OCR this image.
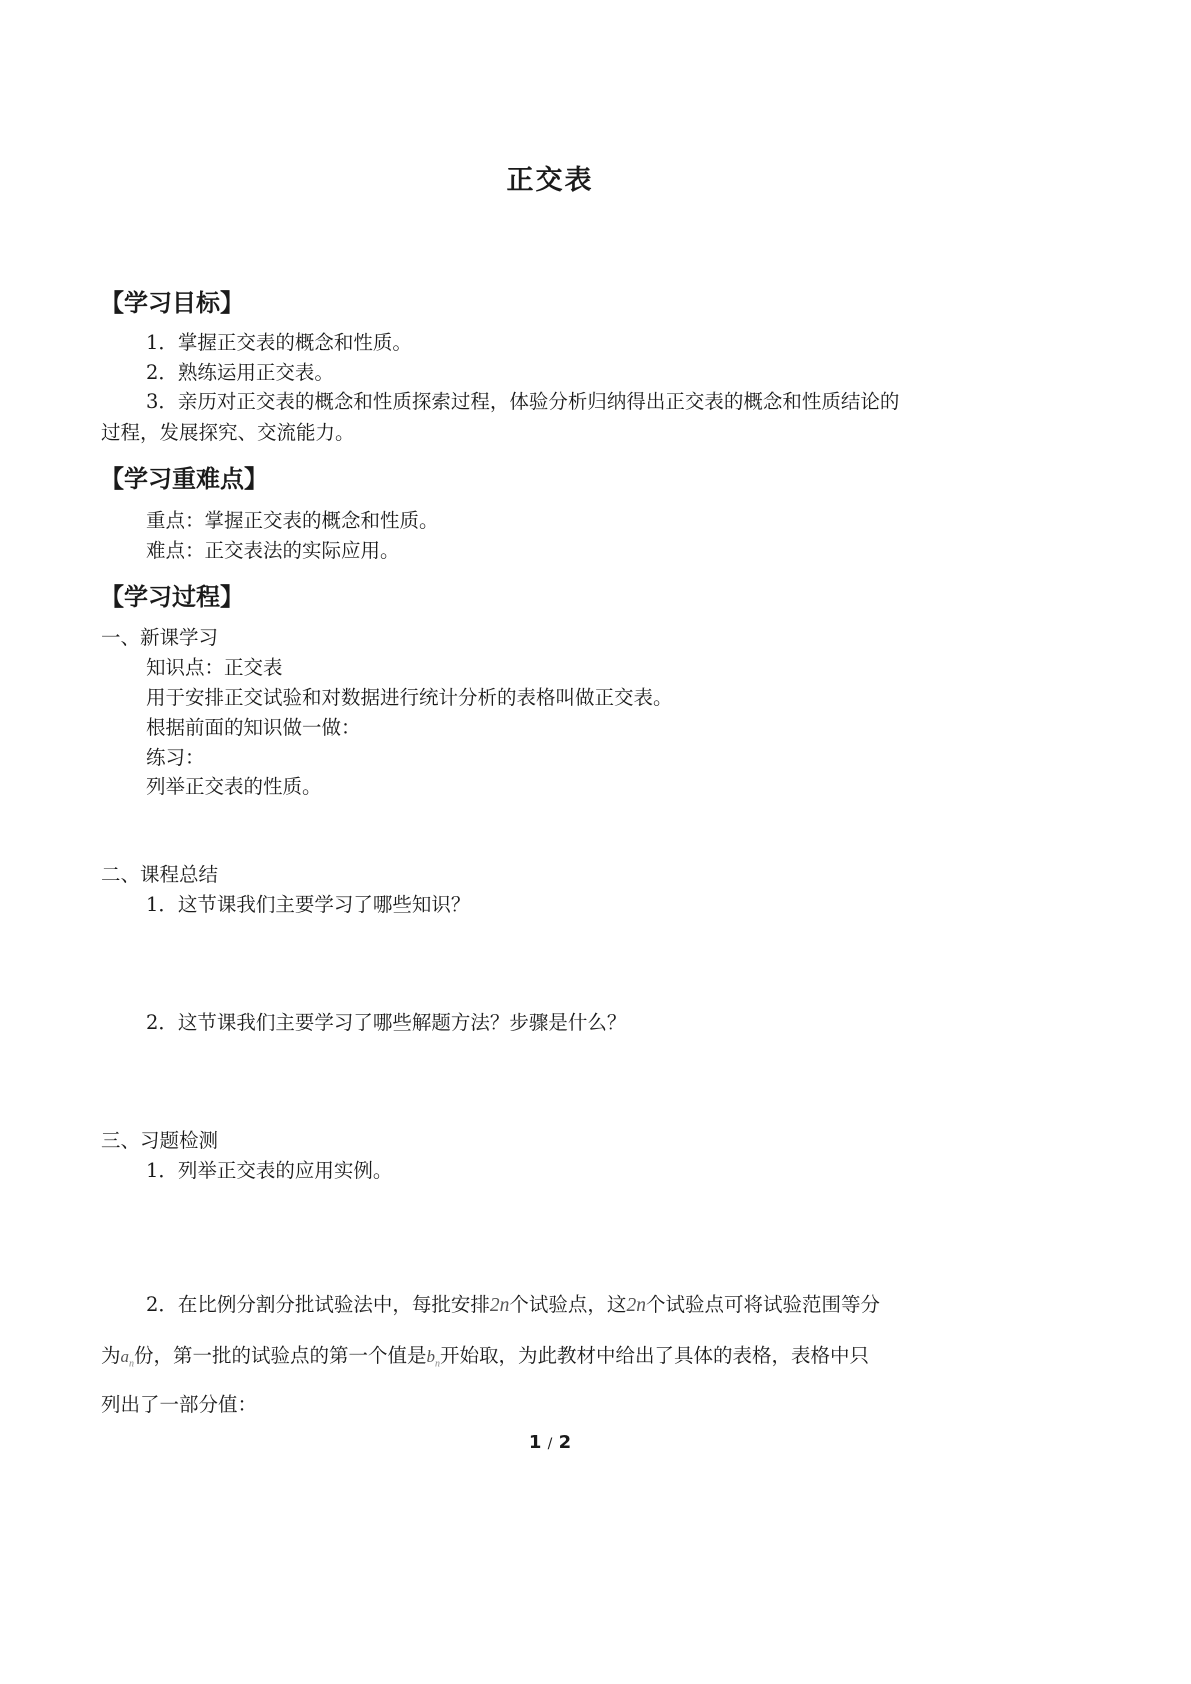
正交表
【学习目标】
1．掌握正交表的概念和性质。
2．熟练运用正交表。
3．亲历对正交表的概念和性质探索过程，体验分析归纳得出正交表的概念和性质结论的
过程，发展探究、交流能力。
【学习重难点】
重点：掌握正交表的概念和性质。
难点：正交表法的实际应用。
【学习过程】
一、新课学习
知识点：正交表
用于安排正交试验和对数据进行统计分析的表格叫做正交表。
根据前面的知识做一做：
练习：
列举正交表的性质。
二、课程总结
1．这节课我们主要学习了哪些知识？
2．这节课我们主要学习了哪些解题方法？步骤是什么？
三、习题检测
1．列举正交表的应用实例。
2．在比例分割分批试验法中，每批安排2n个试验点，这2n个试验点可将试验范围等分
为$a_n$份，第一批的试验点的第一个值是$b_n$开始取，为此教材中给出了具体的表格，表格中只
列出了一部分值：
1 / 2
